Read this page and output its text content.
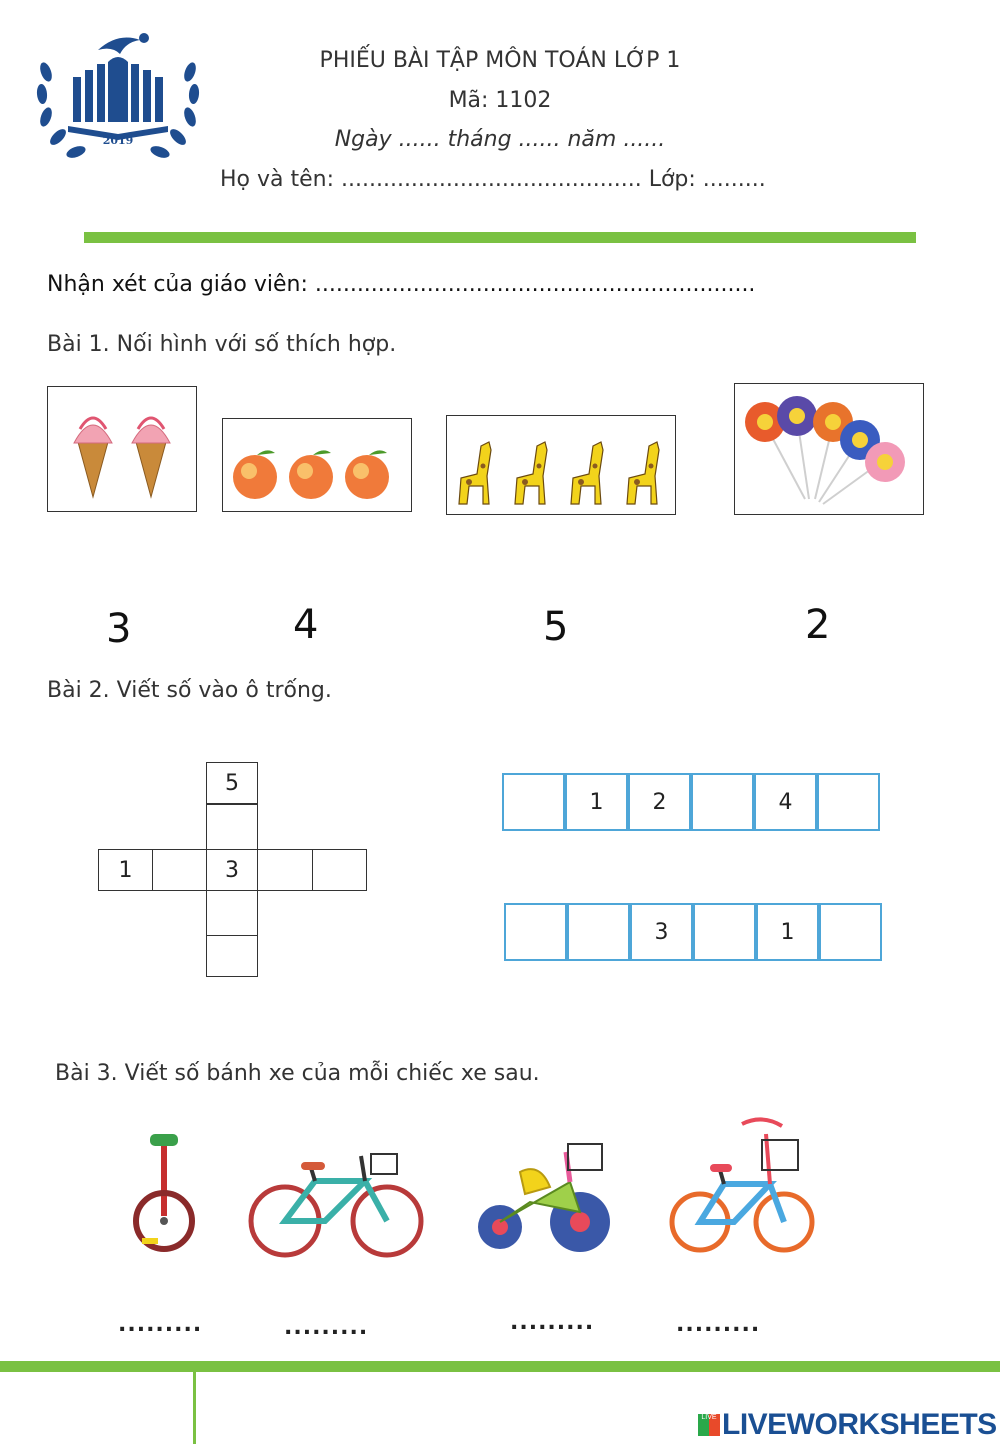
2019
PHIẾU BÀI TẬP MÔN TOÁN LỚP 1
Mã: 1102
Ngày ...... tháng ...... năm ......
Họ và tên: ........................................... Lớp: .........
Nhận xét của giáo viên: ...............................................................
Bài 1. Nối hình với số thích hợp.
3	4	5	2
Bài 2. Viết số vào ô trống.
5
1	3
1	2	4
3	1
Bài 3. Viết số bánh xe của mỗi chiếc xe sau.
.........	.........	.........	.........
LIVE LIVEWORKSHEETS
